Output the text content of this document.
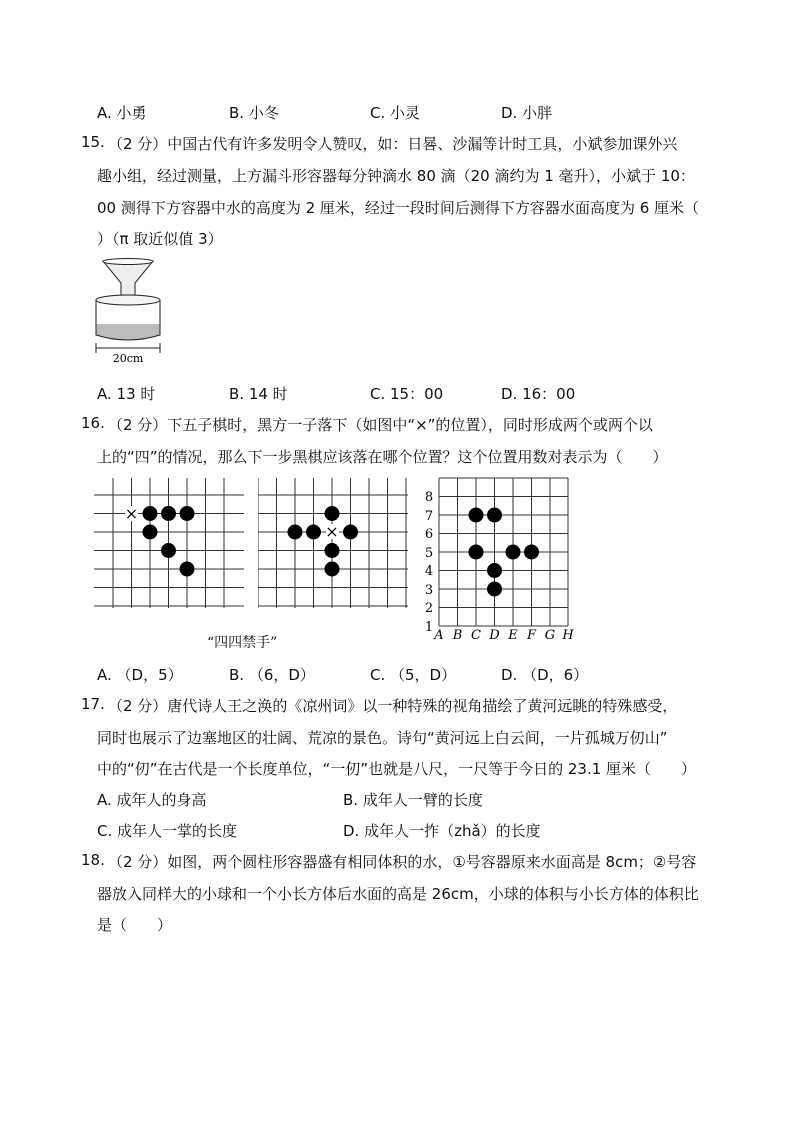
A. 小勇	B. 小冬	C. 小灵	D. 小胖
15. （2 分）中国古代有许多发明令人赞叹，如：日晷、沙漏等计时工具，小斌参加课外兴
趣小组，经过测量，上方漏斗形容器每分钟滴水 80 滴（20 滴约为 1 毫升），小斌于 10：
00 测得下方容器中水的高度为 2 厘米，经过一段时间后测得下方容器水面高度为 6 厘米（
）（π 取近似值 3）
20cm
A. 13 时	B. 14 时	C. 15：00	D. 16：00
16. （2 分）下五子棋时，黑方一子落下（如图中“×”的位置），同时形成两个或两个以
上的“四”的情况，那么下一步黑棋应该落在哪个位置？这个位置用数对表示为（　　）
×
×
“四四禁手”	A B C D E F G H
1
2
3
4
5
6
7
8
A. （D，5）	B. （6，D）	C. （5，D）	D. （D，6）
17. （2 分）唐代诗人王之涣的《凉州词》以一种特殊的视角描绘了黄河远眺的特殊感受，
同时也展示了边塞地区的壮阔、荒凉的景色。诗句“黄河远上白云间，一片孤城万仞山”
中的“仞”在古代是一个长度单位，“一仞”也就是八尺，一尺等于今日的 23.1 厘米（　　）
A. 成年人的身高	B. 成年人一臂的长度
C. 成年人一掌的长度	D. 成年人一拃（zhǎ）的长度
18. （2 分）如图，两个圆柱形容器盛有相同体积的水，①号容器原来水面高是 8cm；②号容
器放入同样大的小球和一个小长方体后水面的高是 26cm，小球的体积与小长方体的体积比
是（　　）
